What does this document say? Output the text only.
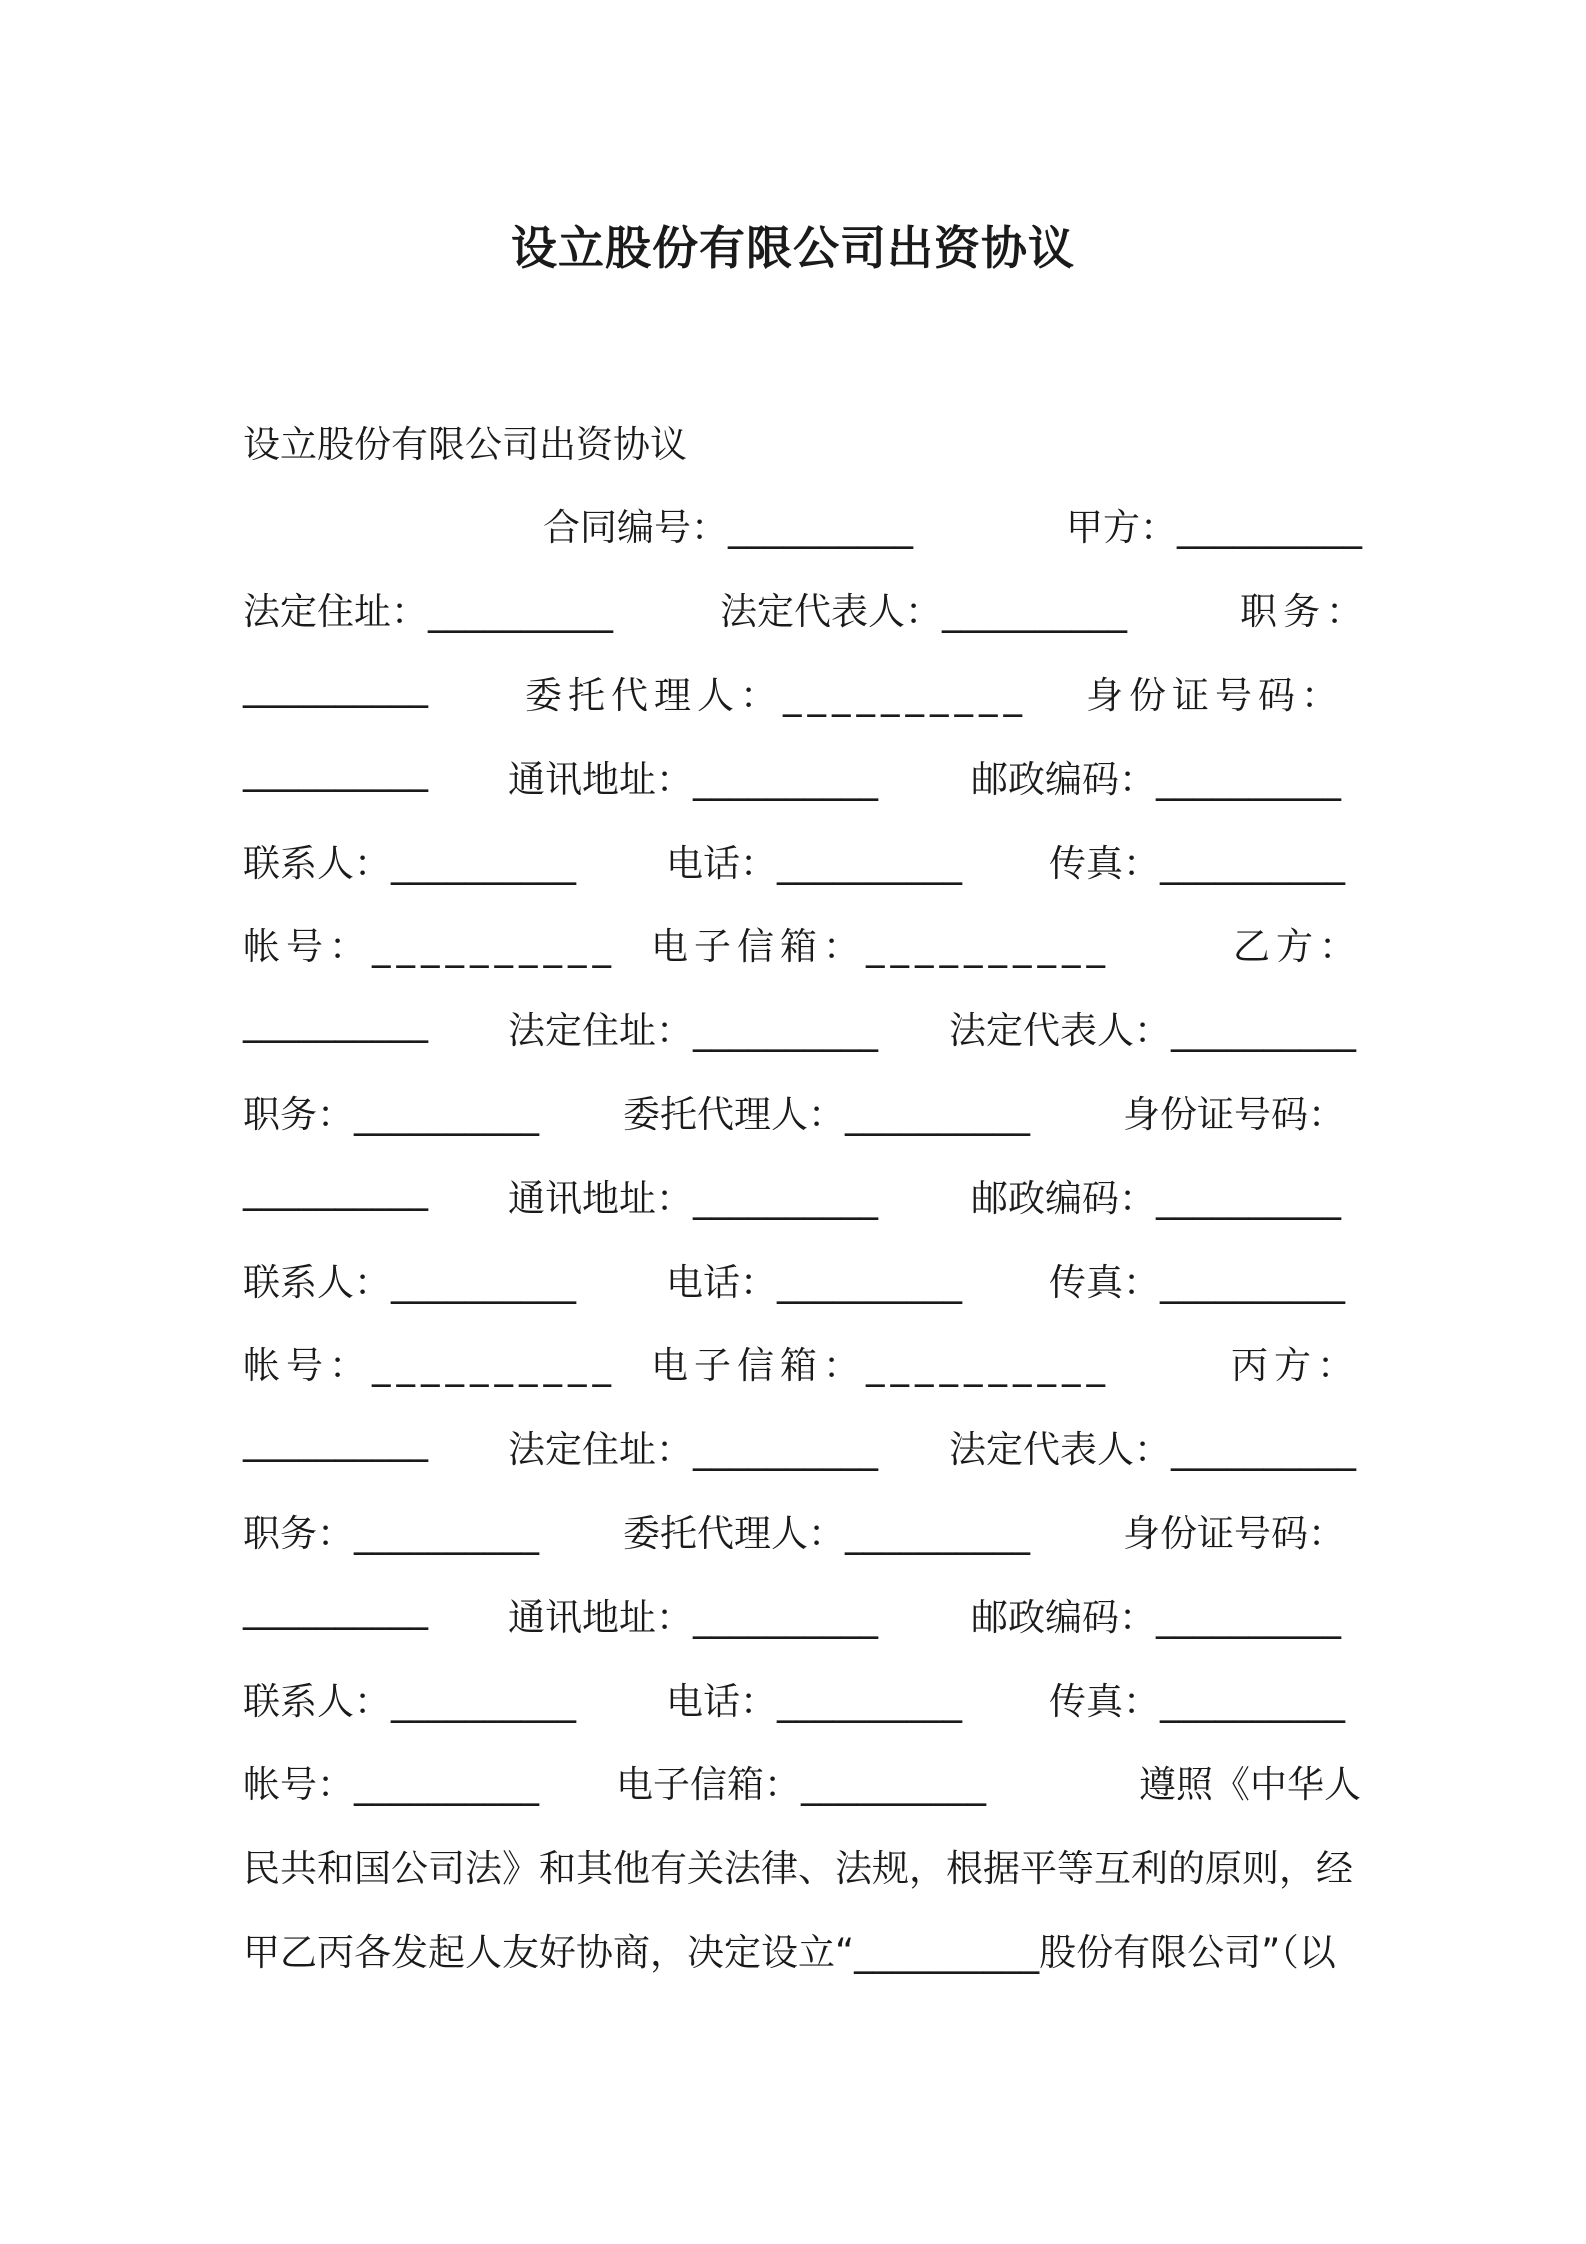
设立股份有限公司出资协议
设立股份有限公司出资协议
合同编号：__________	甲方：__________
法定住址：__________	法定代表人：__________	职务：
__________	委托代理人：__________ 身份证号码：
__________ 通讯地址：__________	邮政编码：__________
联系人：__________ 电话：__________ 传真：__________
帐号：__________ 电子信箱：__________	乙方：
__________ 法定住址：__________ 法定代表人：__________
职务：__________ 委托代理人：__________	身份证号码：
__________ 通讯地址：__________	邮政编码：__________
联系人：__________ 电话：__________ 传真：__________
帐号：__________ 电子信箱：__________	丙方：
__________ 法定住址：__________ 法定代表人：__________
职务：__________ 委托代理人：__________	身份证号码：
__________ 通讯地址：__________	邮政编码：__________
联系人：__________ 电话：__________ 传真：__________
帐号：__________ 电子信箱：__________	遵照《中华人
民共和国公司法》和其他有关法律、法规，根据平等互利的原则，经
甲乙丙各发起人友好协商，决定设立“__________股份有限公司”（以
